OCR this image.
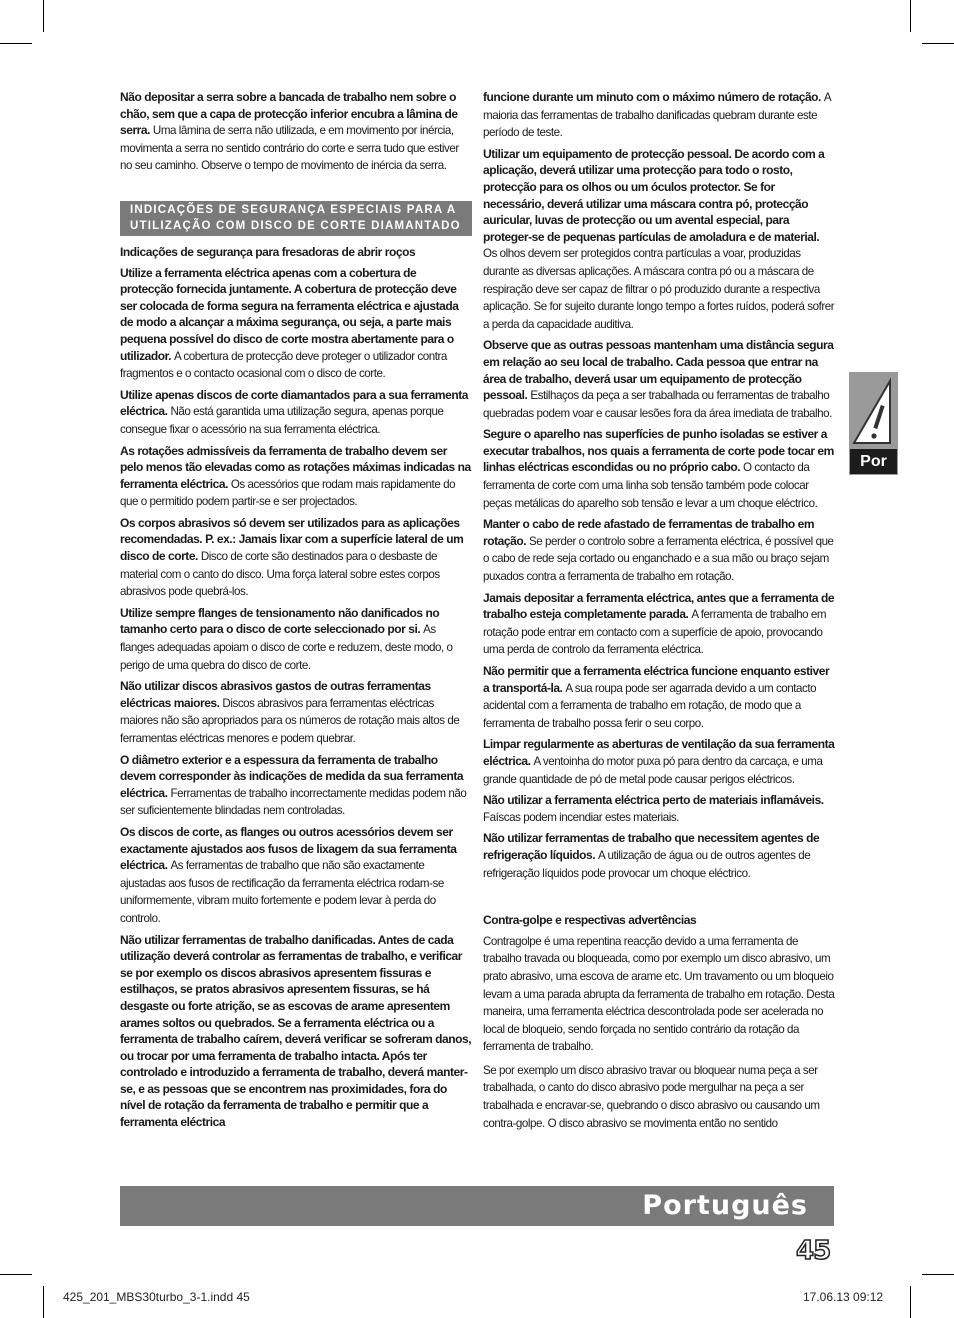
Não depositar a serra sobre a bancada de trabalho nem sobre o chão, sem que a capa de protecção inferior encubra a lâmina de serra. Uma lâmina de serra não utilizada, e em movimento por inércia, movimenta a serra no sentido contrário do corte e serra tudo que estiver no seu caminho. Observe o tempo de movimento de inércia da serra.

INDICAÇÕES DE SEGURANÇA ESPECIAIS PARA A UTILIZAÇÃO COM DISCO DE CORTE DIAMANTADO

Indicações de segurança para fresadoras de abrir roços

Utilize a ferramenta eléctrica apenas com a cobertura de protecção fornecida juntamente. A cobertura de protecção deve ser colocada de forma segura na ferramenta eléctrica e ajustada de modo a alcançar a máxima segurança, ou seja, a parte mais pequena possível do disco de corte mostra abertamente para o utilizador. A cobertura de protecção deve proteger o utilizador contra fragmentos e o contacto ocasional com o disco de corte.

Utilize apenas discos de corte diamantados para a sua ferramenta eléctrica. Não está garantida uma utilização segura, apenas porque consegue fixar o acessório na sua ferramenta eléctrica.

As rotações admissíveis da ferramenta de trabalho devem ser pelo menos tão elevadas como as rotações máximas indicadas na ferramenta eléctrica. Os acessórios que rodam mais rapidamente do que o permitido podem partir-se e ser projectados.

Os corpos abrasivos só devem ser utilizados para as aplicações recomendadas. P. ex.: Jamais lixar com a superfície lateral de um disco de corte. Disco de corte são destinados para o desbaste de material com o canto do disco. Uma força lateral sobre estes corpos abrasivos pode quebrá-los.

Utilize sempre flanges de tensionamento não danificados no tamanho certo para o disco de corte seleccionado por si. As flanges adequadas apoiam o disco de corte e reduzem, deste modo, o perigo de uma quebra do disco de corte.

Não utilizar discos abrasivos gastos de outras ferramentas eléctricas maiores. Discos abrasivos para ferramentas eléctricas maiores não são apropriados para os números de rotação mais altos de ferramentas eléctricas menores e podem quebrar.

O diâmetro exterior e a espessura da ferramenta de trabalho devem corresponder às indicações de medida da sua ferramenta eléctrica. Ferramentas de trabalho incorrectamente medidas podem não ser suficientemente blindadas nem controladas.

Os discos de corte, as flanges ou outros acessórios devem ser exactamente ajustados aos fusos de lixagem da sua ferramenta eléctrica. As ferramentas de trabalho que não são exactamente ajustadas aos fusos de rectificação da ferramenta eléctrica rodam-se uniformemente, vibram muito fortemente e podem levar à perda do controlo.

Não utilizar ferramentas de trabalho danificadas. Antes de cada utilização deverá controlar as ferramentas de trabalho, e verificar se por exemplo os discos abrasivos apresentem fissuras e estilhaços, se pratos abrasivos apresentem fissuras, se há desgaste ou forte atrição, se as escovas de arame apresentem arames soltos ou quebrados. Se a ferramenta eléctrica ou a ferramenta de trabalho caírem, deverá verificar se sofreram danos, ou trocar por uma ferramenta de trabalho intacta. Após ter controlado e introduzido a ferramenta de trabalho, deverá manter-se, e as pessoas que se encontrem nas proximidades, fora do nível de rotação da ferramenta de trabalho e permitir que a ferramenta eléctrica

funcione durante um minuto com o máximo número de rotação. A maioria das ferramentas de trabalho danificadas quebram durante este período de teste.

Utilizar um equipamento de protecção pessoal. De acordo com a aplicação, deverá utilizar uma protecção para todo o rosto, protecção para os olhos ou um óculos protector. Se for necessário, deverá utilizar uma máscara contra pó, protecção auricular, luvas de protecção ou um avental especial, para proteger-se de pequenas partículas de amoladura e de material. Os olhos devem ser protegidos contra partículas a voar, produzidas durante as diversas aplicações. A máscara contra pó ou a máscara de respiração deve ser capaz de filtrar o pó produzido durante a respectiva aplicação. Se for sujeito durante longo tempo a fortes ruídos, poderá sofrer a perda da capacidade auditiva.

Observe que as outras pessoas mantenham uma distância segura em relação ao seu local de trabalho. Cada pessoa que entrar na área de trabalho, deverá usar um equipamento de protecção pessoal. Estilhaços da peça a ser trabalhada ou ferramentas de trabalho quebradas podem voar e causar lesões fora da área imediata de trabalho.

Segure o aparelho nas superfícies de punho isoladas se estiver a executar trabalhos, nos quais a ferramenta de corte pode tocar em linhas eléctricas escondidas ou no próprio cabo. O contacto da ferramenta de corte com uma linha sob tensão também pode colocar peças metálicas do aparelho sob tensão e levar a um choque eléctrico.

Manter o cabo de rede afastado de ferramentas de trabalho em rotação. Se perder o controlo sobre a ferramenta eléctrica, é possível que o cabo de rede seja cortado ou enganchado e a sua mão ou braço sejam puxados contra a ferramenta de trabalho em rotação.

Jamais depositar a ferramenta eléctrica, antes que a ferramenta de trabalho esteja completamente parada. A ferramenta de trabalho em rotação pode entrar em contacto com a superfície de apoio, provocando uma perda de controlo da ferramenta eléctrica.

Não permitir que a ferramenta eléctrica funcione enquanto estiver a transportá-la. A sua roupa pode ser agarrada devido a um contacto acidental com a ferramenta de trabalho em rotação, de modo que a ferramenta de trabalho possa ferir o seu corpo.

Limpar regularmente as aberturas de ventilação da sua ferramenta eléctrica. A ventoinha do motor puxa pó para dentro da carcaça, e uma grande quantidade de pó de metal pode causar perigos eléctricos.

Não utilizar a ferramenta eléctrica perto de materiais inflamáveis. Faíscas podem incendiar estes materiais.

Não utilizar ferramentas de trabalho que necessitem agentes de refrigeração líquidos. A utilização de água ou de outros agentes de refrigeração líquidos pode provocar um choque eléctrico.

Contra-golpe e respectivas advertências

Contragolpe é uma repentina reacção devido a uma ferramenta de trabalho travada ou bloqueada, como por exemplo um disco abrasivo, um prato abrasivo, uma escova de arame etc. Um travamento ou um bloqueio levam a uma parada abrupta da ferramenta de trabalho em rotação. Desta maneira, uma ferramenta eléctrica descontrolada pode ser acelerada no local de bloqueio, sendo forçada no sentido contrário da rotação da ferramenta de trabalho.

Se por exemplo um disco abrasivo travar ou bloquear numa peça a ser trabalhada, o canto do disco abrasivo pode mergulhar na peça a ser trabalhada e encravar-se, quebrando o disco abrasivo ou causando um contra-golpe. O disco abrasivo se movimenta então no sentido

Por
Português
45
425_201_MBS30turbo_3-1.indd 45	17.06.13 09:12
